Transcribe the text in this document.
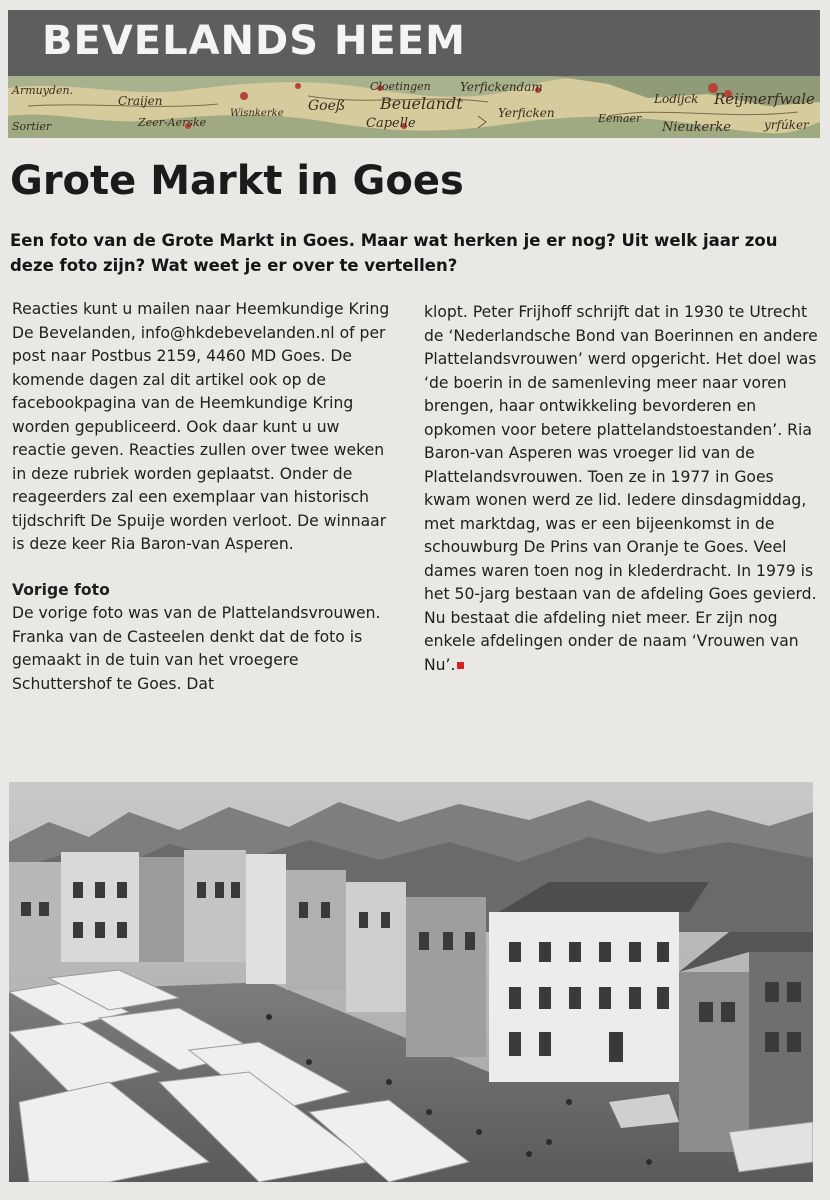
BEVELANDS HEEM
Armuyden.
Craijen
Zeer-Aerske
Wisnkerke Goeß
Cloetingen
Beuelandt
Capelle
Yerfickendam
Yerficken	Eemaer
Lodijck Reijmerfwale
Nieukerke	yrfúker
Sortier
Grote Markt in Goes

Een foto van de Grote Markt in Goes. Maar wat herken je er nog? Uit welk jaar zou deze foto zijn? Wat weet je er over te vertellen?

Reacties kunt u mailen naar Heemkundige Kring De Bevelanden, info@hkdebevelanden.nl of per post naar Postbus 2159, 4460 MD Goes. De komende dagen zal dit artikel ook op de facebookpagina van de Heemkundige Kring worden gepubliceerd. Ook daar kunt u uw reactie geven. Reacties zullen over twee weken in deze rubriek worden geplaatst. Onder de reageerders zal een exemplaar van historisch tijdschrift De Spuije worden verloot. De winnaar is deze keer Ria Baron-van Asperen.

Vorige foto

De vorige foto was van de Plattelandsvrouwen. Franka van de Casteelen denkt dat de foto is gemaakt in de tuin van het vroegere Schuttershof te Goes. Dat

klopt. Peter Frijhoff schrijft dat in 1930 te Utrecht de ‘Nederlandsche Bond van Boerinnen en andere Plattelandsvrouwen’ werd opgericht. Het doel was ‘de boerin in de samenleving meer naar voren brengen, haar ontwikkeling bevorderen en opkomen voor betere plattelandstoestanden’. Ria Baron-van Asperen was vroeger lid van de Plattelandsvrouwen. Toen ze in 1977 in Goes kwam wonen werd ze lid. Iedere dinsdagmiddag, met marktdag, was er een bijeenkomst in de schouwburg De Prins van Oranje te Goes. Veel dames waren toen nog in klederdracht. In 1979 is het 50-jarg bestaan van de afdeling Goes gevierd. Nu bestaat die afdeling niet meer. Er zijn nog enkele afdelingen onder de naam ‘Vrouwen van Nu’.
